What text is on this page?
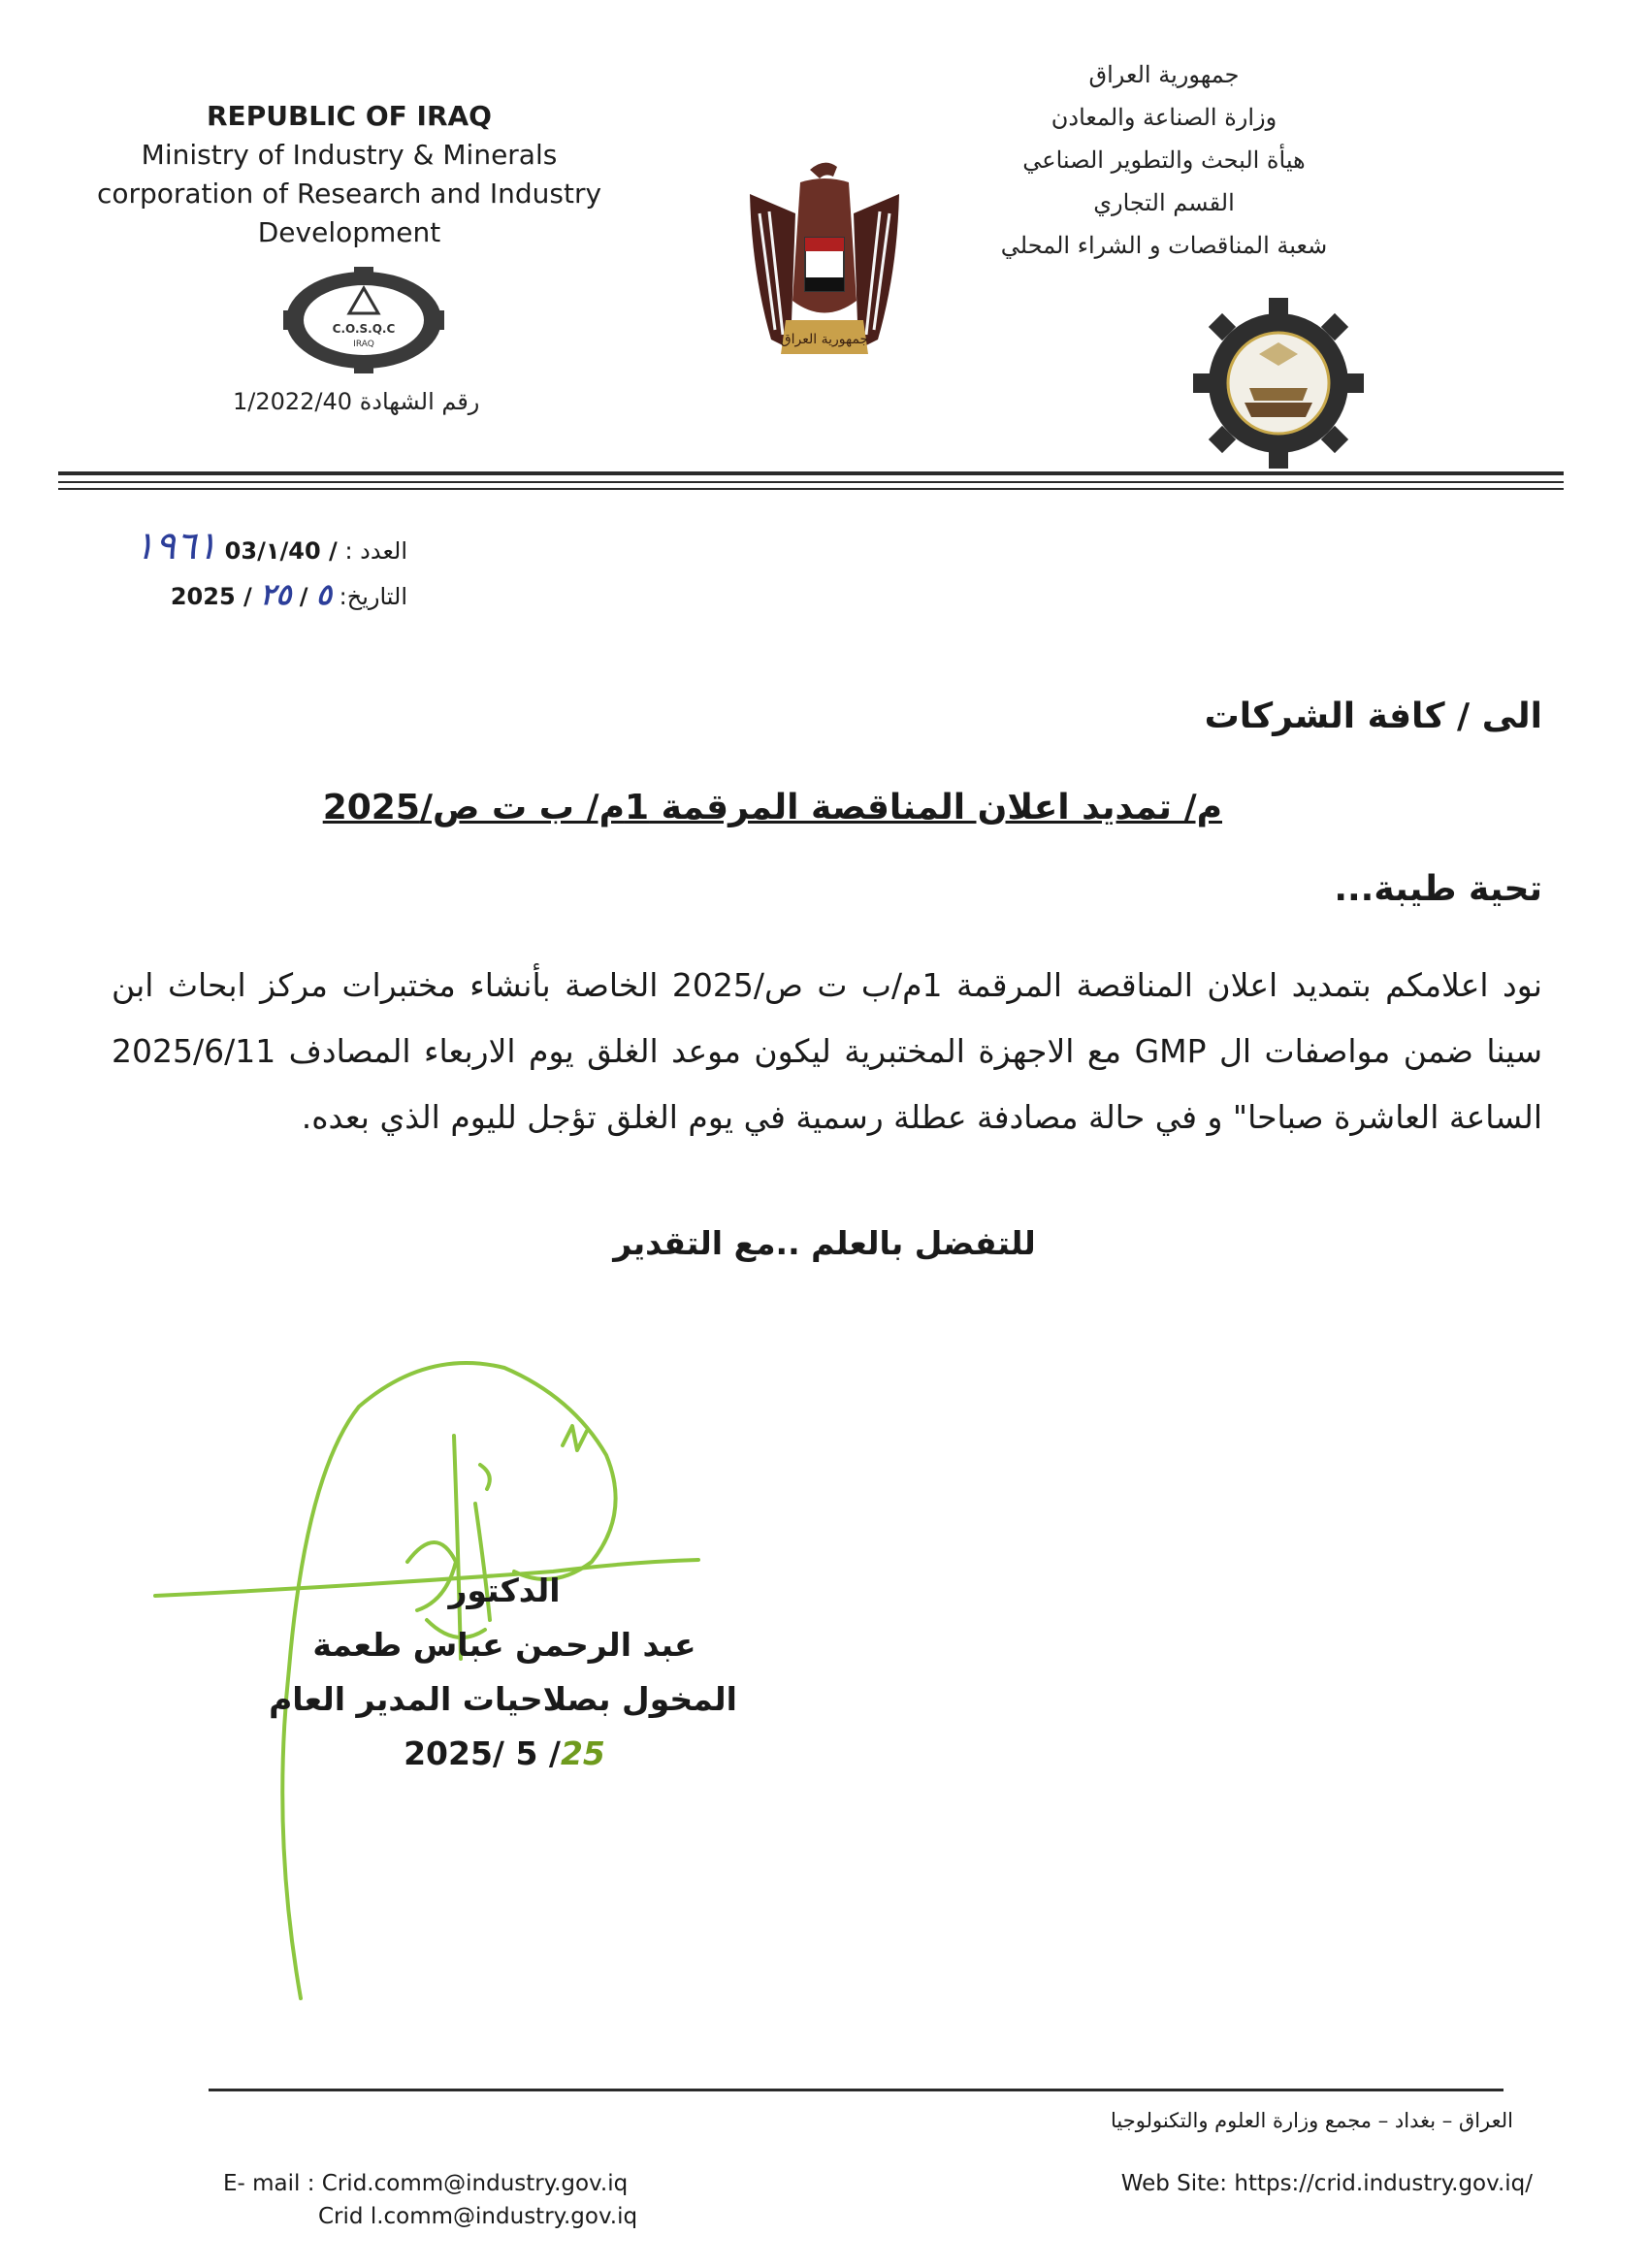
REPUBLIC OF IRAQ
Ministry of Industry & Minerals
corporation of Research and Industry
Development
C.O.S.Q.C
IRAQ
رقم الشهادة 1/2022/40
جمهورية العراق
جمهورية العراق
وزارة الصناعة والمعادن
هيأة البحث والتطوير الصناعي
القسم التجاري
شعبة المناقصات و الشراء المحلي
العدد : 03/١/40 / ١٩٦١
التاريخ: 2025 / ٥ / ٢٥
الى / كافة الشركات
م/ تمديد اعلان المناقصة المرقمة 1م/ ب ت ص/2025
تحية طيبة...
نود اعلامكم بتمديد اعلان المناقصة المرقمة 1م/ب ت ص/2025 الخاصة بأنشاء مختبرات مركز ابحاث ابن سينا ضمن مواصفات ال GMP مع الاجهزة المختبرية ليكون موعد الغلق يوم الاربعاء المصادف 2025/6/11 الساعة العاشرة صباحا" و في حالة مصادفة عطلة رسمية في يوم الغلق تؤجل لليوم الذي بعده.
للتفضل بالعلم ..مع التقدير
الدكتور
عبد الرحمن عباس طعمة
المخول بصلاحيات المدير العام
2025/ 5 /25
العراق – بغداد – مجمع وزارة العلوم والتكنولوجيا
Web Site: https://crid.industry.gov.iq/
E- mail : Crid.comm@industry.gov.iq
Crid l.comm@industry.gov.iq
